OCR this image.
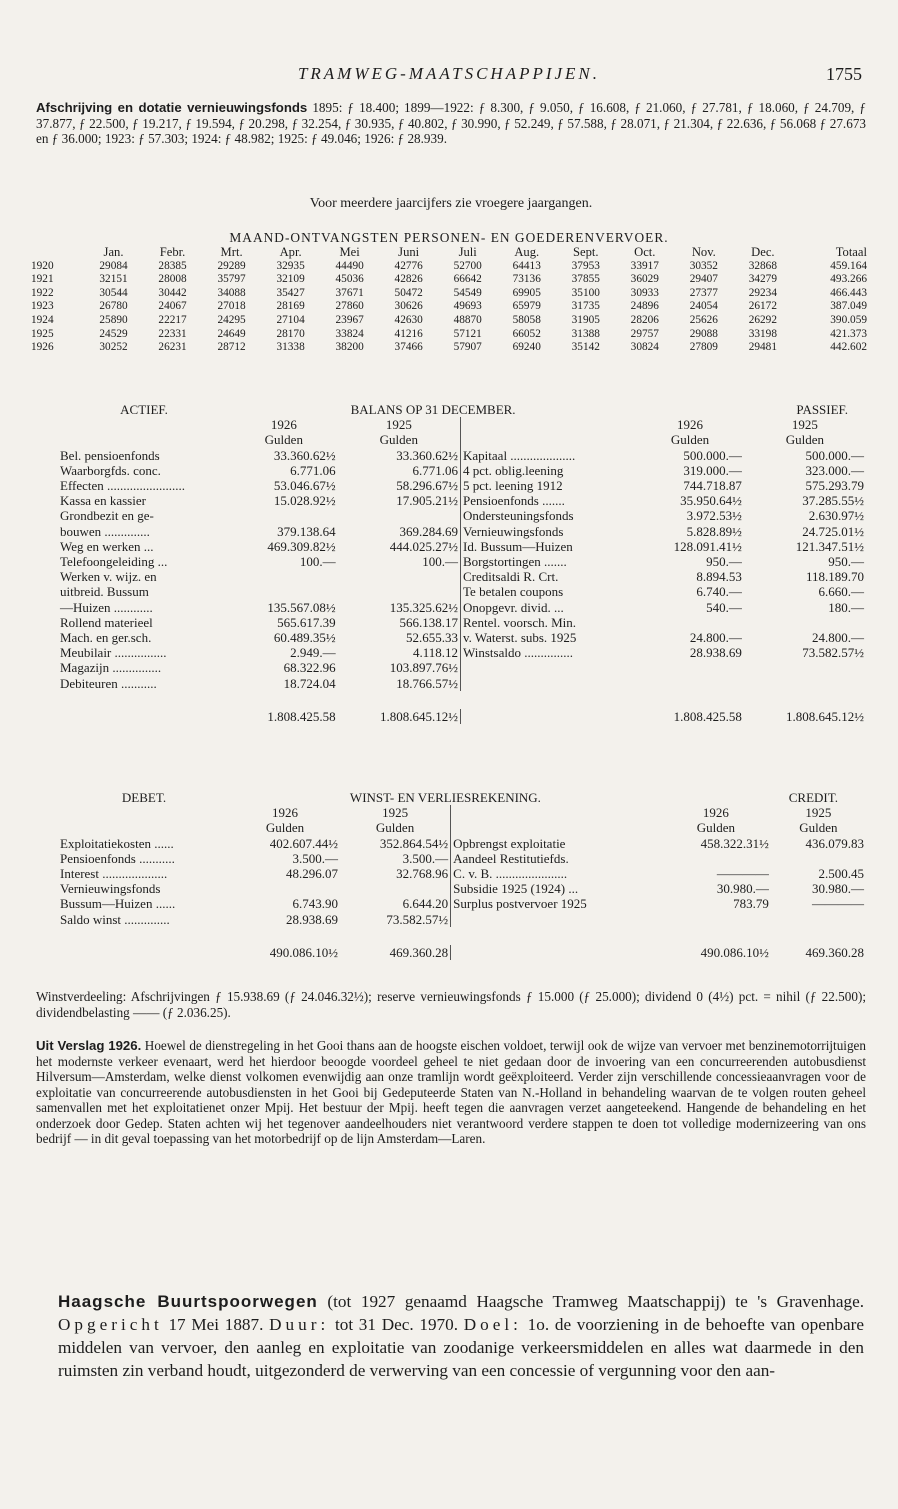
TRAMWEG-MAATSCHAPPIJEN.	1755
Afschrijving en dotatie vernieuwingsfonds 1895: ƒ 18.400; 1899—1922: ƒ 8.300, ƒ 9.050, ƒ 16.608, ƒ 21.060, ƒ 27.781, ƒ 18.060, ƒ 24.709, ƒ 37.877, ƒ 22.500, ƒ 19.217, ƒ 19.594, ƒ 20.298, ƒ 32.254, ƒ 30.935, ƒ 40.802, ƒ 30.990, ƒ 52.249, ƒ 57.588, ƒ 28.071, ƒ 21.304, ƒ 22.636, ƒ 56.068 ƒ 27.673 en ƒ 36.000; 1923: ƒ 57.303; 1924: ƒ 48.982; 1925: ƒ 49.046; 1926: ƒ 28.939.
Voor meerdere jaarcijfers zie vroegere jaargangen.
MAAND-ONTVANGSTEN PERSONEN- EN GOEDERENVERVOER.
	Jan.	Febr.	Mrt.	Apr.	Mei	Juni	Juli	Aug.	Sept.	Oct.	Nov.	Dec.	Totaal
1920	29084	28385	29289	32935	44490	42776	52700	64413	37953	33917	30352	32868	459.164
1921	32151	28008	35797	32109	45036	42826	66642	73136	37855	36029	29407	34279	493.266
1922	30544	30442	34088	35427	37671	50472	54549	69905	35100	30933	27377	29234	466.443
1923	26780	24067	27018	28169	27860	30626	49693	65979	31735	24896	24054	26172	387.049
1924	25890	22217	24295	27104	23967	42630	48870	58058	31905	28206	25626	26292	390.059
1925	24529	22331	24649	28170	33824	41216	57121	66052	31388	29757	29088	33198	421.373
1926	30252	26231	28712	31338	38200	37466	57907	69240	35142	30824	27809	29481	442.602
ACTIEF.	BALANS OP 31 DECEMBER.			PASSIEF.	
	1926	1925		1926	1925
	Gulden	Gulden		Gulden	Gulden
Bel. pensioenfonds	33.360.62½	33.360.62½	Kapitaal ....................	500.000.—	500.000.—
Waarborgfds. conc.	6.771.06	6.771.06	4 pct. oblig.leening	319.000.—	323.000.—
Effecten ........................	53.046.67½	58.296.67½	5 pct. leening 1912	744.718.87	575.293.79
Kassa en kassier	15.028.92½	17.905.21½	Pensioenfonds .......	35.950.64½	37.285.55½
Grondbezit en ge-			Ondersteuningsfonds	3.972.53½	2.630.97½
bouwen ..............	379.138.64	369.284.69	Vernieuwingsfonds	5.828.89½	24.725.01½
Weg en werken ...	469.309.82½	444.025.27½	Id. Bussum—Huizen	128.091.41½	121.347.51½
Telefoongeleiding ...	100.—	100.—	Borgstortingen .......	950.—	950.—
Werken v. wijz. en			Creditsaldi R. Crt.	8.894.53	118.189.70
uitbreid. Bussum			Te betalen coupons	6.740.—	6.660.—
—Huizen ............	135.567.08½	135.325.62½	Onopgevr. divid. ...	540.—	180.—
Rollend materieel	565.617.39	566.138.17	Rentel. voorsch. Min.		
Mach. en ger.sch.	60.489.35½	52.655.33	v. Waterst. subs. 1925	24.800.—	24.800.—
Meubilair ................	2.949.—	4.118.12	Winstsaldo ...............	28.938.69	73.582.57½
Magazijn ...............	68.322.96	103.897.76½			
Debiteuren ...........	18.724.04	18.766.57½			

	1.808.425.58	1.808.645.12½		1.808.425.58	1.808.645.12½
DEBET.	WINST- EN VERLIESREKENING.			CREDIT.	
	1926	1925		1926	1925
	Gulden	Gulden		Gulden	Gulden
Exploitatiekosten ......	402.607.44½	352.864.54½	Opbrengst exploitatie	458.322.31½	436.079.83
Pensioenfonds ...........	3.500.—	3.500.—	Aandeel Restitutiefds.		
Interest ....................	48.296.07	32.768.96	C. v. B. ......................	————	2.500.45
Vernieuwingsfonds			Subsidie 1925 (1924) ...	30.980.—	30.980.—
Bussum—Huizen ......	6.743.90	6.644.20	Surplus postvervoer 1925	783.79	————
Saldo winst ..............	28.938.69	73.582.57½			

	490.086.10½	469.360.28		490.086.10½	469.360.28
Winstverdeeling: Afschrijvingen ƒ 15.938.69 (ƒ 24.046.32½); reserve vernieuwingsfonds ƒ 15.000 (ƒ 25.000); dividend 0 (4½) pct. = nihil (ƒ 22.500); dividendbelasting —— (ƒ 2.036.25).
Uit Verslag 1926. Hoewel de dienstregeling in het Gooi thans aan de hoogste eischen voldoet, terwijl ook de wijze van vervoer met benzinemotorrijtuigen het modernste verkeer evenaart, werd het hierdoor beoogde voordeel geheel te niet gedaan door de invoering van een concurreerenden autobusdienst Hilversum—Amsterdam, welke dienst volkomen evenwijdig aan onze tramlijn wordt geëxploiteerd. Verder zijn verschillende concessieaanvragen voor de exploitatie van concurreerende autobusdiensten in het Gooi bij Gedeputeerde Staten van N.-Holland in behandeling waarvan de te volgen routen geheel samenvallen met het exploitatienet onzer Mpij. Het bestuur der Mpij. heeft tegen die aanvragen verzet aangeteekend. Hangende de behandeling en het onderzoek door Gedep. Staten achten wij het tegenover aandeelhouders niet verantwoord verdere stappen te doen tot volledige modernizeering van ons bedrijf — in dit geval toepassing van het motorbedrijf op de lijn Amsterdam—Laren.
Haagsche Buurtspoorwegen (tot 1927 genaamd Haagsche Tramweg Maatschappij) te 's Gravenhage. Opgericht 17 Mei 1887. Duur: tot 31 Dec. 1970. Doel: 1o. de voorziening in de behoefte van openbare middelen van vervoer, den aanleg en exploitatie van zoodanige verkeersmiddelen en alles wat daarmede in den ruimsten zin verband houdt, uitgezonderd de verwerving van een concessie of vergunning voor den aan-
